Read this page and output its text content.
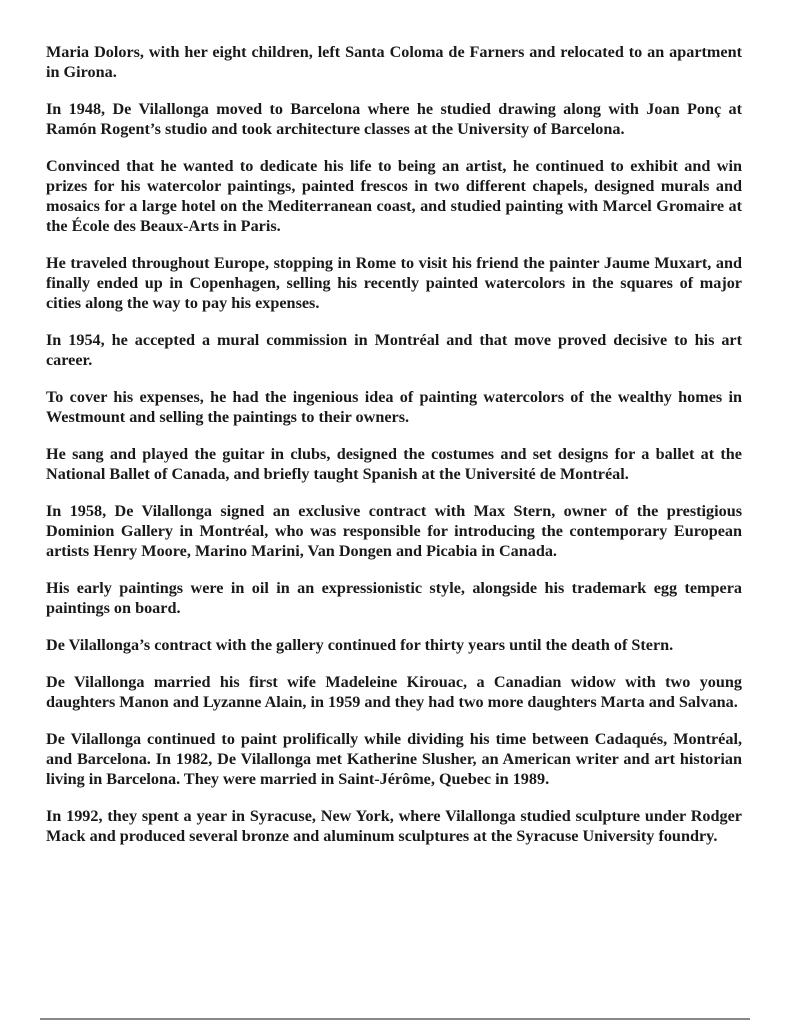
Maria Dolors, with her eight children, left Santa Coloma de Farners and relocated to an apartment in Girona.

In 1948, De Vilallonga moved to Barcelona where he studied drawing along with Joan Ponç at Ramón Rogent’s studio and took architecture classes at the University of Barcelona.

Convinced that he wanted to dedicate his life to being an artist, he continued to exhibit and win prizes for his watercolor paintings, painted frescos in two different chapels, designed murals and mosaics for a large hotel on the Mediterranean coast, and studied painting with Marcel Gromaire at the École des Beaux-Arts in Paris.

He traveled throughout Europe, stopping in Rome to visit his friend the painter Jaume Muxart, and finally ended up in Copenhagen, selling his recently painted watercolors in the squares of major cities along the way to pay his expenses.

In 1954, he accepted a mural commission in Montréal and that move proved decisive to his art career.

To cover his expenses, he had the ingenious idea of painting watercolors of the wealthy homes in Westmount and selling the paintings to their owners.

He sang and played the guitar in clubs, designed the costumes and set designs for a ballet at the National Ballet of Canada, and briefly taught Spanish at the Université de Montréal.

In 1958, De Vilallonga signed an exclusive contract with Max Stern, owner of the prestigious Dominion Gallery in Montréal, who was responsible for introducing the contemporary European artists Henry Moore, Marino Marini, Van Dongen and Picabia in Canada.

His early paintings were in oil in an expressionistic style, alongside his trademark egg tempera paintings on board.

De Vilallonga’s contract with the gallery continued for thirty years until the death of Stern.

De Vilallonga married his first wife Madeleine Kirouac, a Canadian widow with two young daughters Manon and Lyzanne Alain, in 1959 and they had two more daughters Marta and Salvana.

De Vilallonga continued to paint prolifically while dividing his time between Cadaqués, Montréal, and Barcelona. In 1982, De Vilallonga met Katherine Slusher, an American writer and art historian living in Barcelona. They were married in Saint-Jérôme, Quebec in 1989.

In 1992, they spent a year in Syracuse, New York, where Vilallonga studied sculpture under Rodger Mack and produced several bronze and aluminum sculptures at the Syracuse University foundry.
